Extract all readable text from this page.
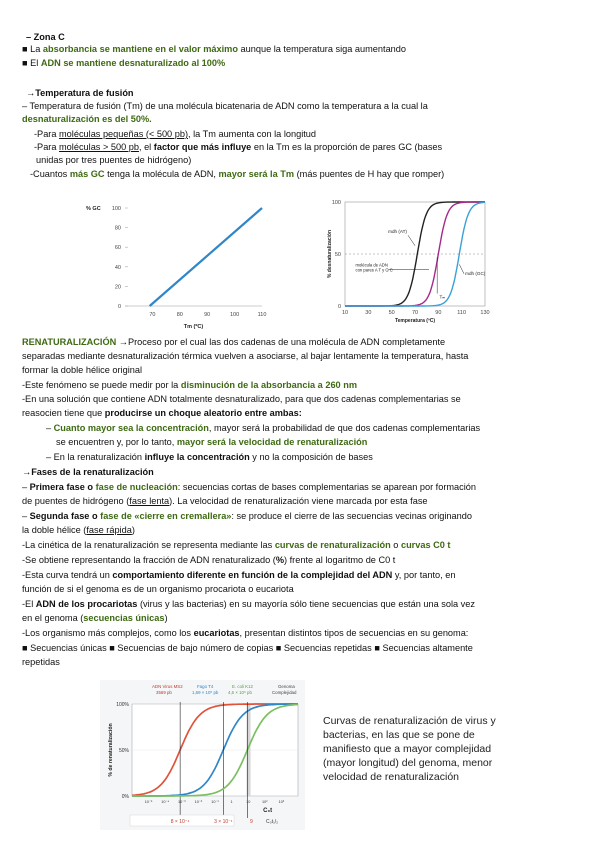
– Zona C
■ La absorbancia se mantiene en el valor máximo aunque la temperatura siga aumentando
■ El ADN se mantiene desnaturalizado al 100%
→Temperatura de fusión
– Temperatura de fusión (Tm) de una molécula bicatenaria de ADN como la temperatura a la cual la
desnaturalización es del 50%.
-Para moléculas pequeñas (< 500 pb), la Tm aumenta con la longitud
-Para moléculas > 500 pb, el factor que más influye en la Tm es la proporción de pares GC (bases
unidas por tres puentes de hidrógeno)
-Cuantos más GC tenga la molécula de ADN, mayor será la Tm (más puentes de H hay que romper)
0
20
40
60
80
100
70	80	90	100	110
% GC
Tm (ºC)
0
50
100
10	30	50	70	90	110	130
Temperatura (ºC)
% desnaturalización	mdh (AT)
molécula de ADN
con pares A T y G C
Tₘ
mdh (GC)
RENATURALIZACIÓN →Proceso por el cual las dos cadenas de una molécula de ADN completamente
separadas mediante desnaturalización térmica vuelven a asociarse, al bajar lentamente la temperatura, hasta
formar la doble hélice original
-Este fenómeno se puede medir por la disminución de la absorbancia a 260 nm
-En una solución que contiene ADN totalmente desnaturalizado, para que dos cadenas complementarias se
reasocien tiene que producirse un choque aleatorio entre ambas:
– Cuanto mayor sea la concentración, mayor será la probabilidad de que dos cadenas complementarias
se encuentren y, por lo tanto, mayor será la velocidad de renaturalización
– En la renaturalización influye la concentración y no la composición de bases
→Fases de la renaturalización
– Primera fase o fase de nucleación: secuencias cortas de bases complementarias se aparean por formación
de puentes de hidrógeno (fase lenta). La velocidad de renaturalización viene marcada por esta fase
– Segunda fase o fase de «cierre en cremallera»: se produce el cierre de las secuencias vecinas originando
la doble hélice (fase rápida)
-La cinética de la renaturalización se representa mediante las curvas de renaturalización o curvas C0 t
-Se obtiene representando la fracción de ADN renaturalizado (%) frente al logaritmo de C0 t
-Esta curva tendrá un comportamiento diferente en función de la complejidad del ADN y, por tanto, en
función de si el genoma es de un organismo procariota o eucariota
-El ADN de los procariotas (virus y las bacterias) en su mayoría sólo tiene secuencias que están una sola vez
en el genoma (secuencias únicas)
-Los organismo más complejos, como los eucariotas, presentan distintos tipos de secuencias en su genoma:
■ Secuencias únicas ■ Secuencias de bajo número de copias ■ Secuencias repetidas ■ Secuencias altamente
repetidas
ADN Virus MS2
3569 pb
Fago T4
1,69 × 10⁵ pb
E. coli K12
4,6 × 10⁶ pb
Genoma
Complejidad
0%
50%
100%
10⁻⁵ 10⁻⁴ 10⁻³ 10⁻² 10⁻¹	1	10	10²	10³
% de renaturalización
C₀t
8 × 10⁻⁴	3 × 10⁻¹	9	C₀t₁/₂
Curvas de renaturalización de virus y bacterias, en las que se pone de manifiesto que a mayor complejidad (mayor longitud) del genoma, menor velocidad de renaturalización
